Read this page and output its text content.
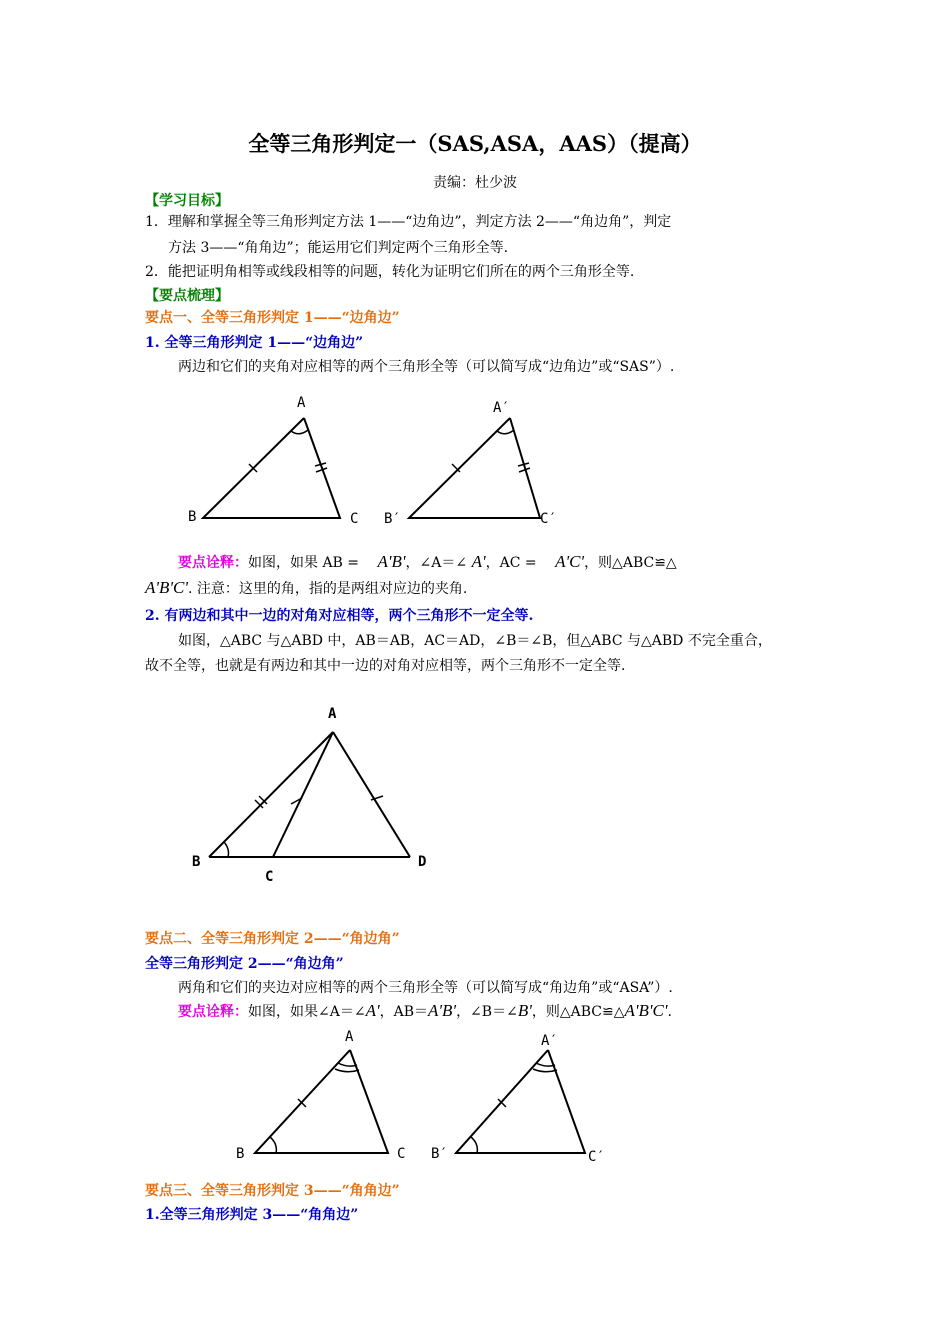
全等三角形判定一（SAS,ASA，AAS）（提高）
责编：杜少波
【学习目标】
1．理解和掌握全等三角形判定方法 1——“边角边”，判定方法 2——“角边角”，判定
方法 3——“角角边”；能运用它们判定两个三角形全等.
2．能把证明角相等或线段相等的问题，转化为证明它们所在的两个三角形全等.
【要点梳理】
要点一、全等三角形判定 1——“边角边”
1. 全等三角形判定 1——“边角边”
两边和它们的夹角对应相等的两个三角形全等（可以简写成“边角边”或“SAS”）.
A
B	C
A′
B′	C′
要点诠释：如图，如果 AB = A'B'，∠A＝∠ A'，AC = A'C'，则△ABC≌△
A'B'C'. 注意：这里的角，指的是两组对应边的夹角.
2. 有两边和其中一边的对角对应相等，两个三角形不一定全等.
如图，△ABC 与△ABD 中，AB＝AB，AC＝AD，∠B＝∠B，但△ABC 与△ABD 不完全重合，
故不全等，也就是有两边和其中一边的对角对应相等，两个三角形不一定全等.
A
B
C
D
要点二、全等三角形判定 2——“角边角”
全等三角形判定 2——“角边角”
两角和它们的夹边对应相等的两个三角形全等（可以简写成“角边角”或“ASA”）.
要点诠释：如图，如果∠A＝∠A'，AB＝A'B'，∠B＝∠B'，则△ABC≌△A'B'C'.
A
B	C
A′
B′	C′
要点三、全等三角形判定 3——“角角边”
1.全等三角形判定 3——“角角边”
